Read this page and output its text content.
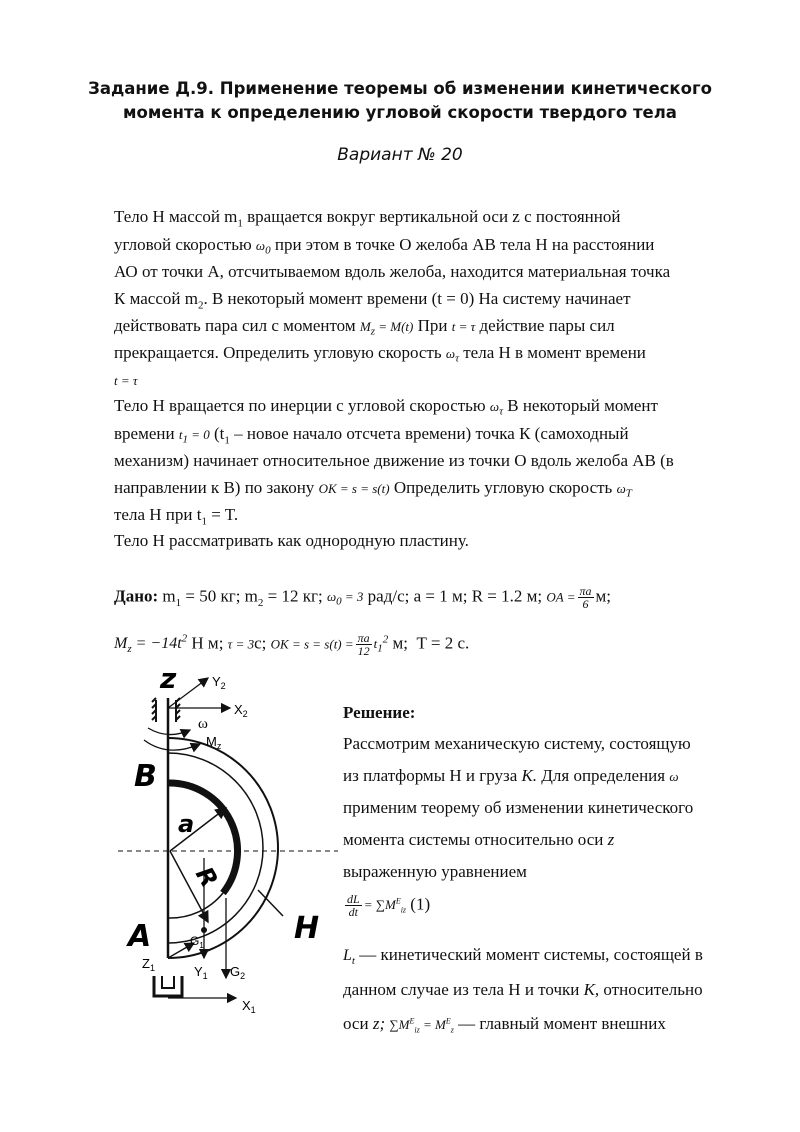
Задание Д.9. Применение теоремы об изменении кинетического
момента к определению угловой скорости твердого тела
Вариант № 20
Тело Н массой $m_1$ вращается вокруг вертикальной оси z с постоянной
угловой скоростью $\omega_0$ при этом в точке О желоба АВ тела Н на расстоянии
АО от точки А, отсчитываемом вдоль желоба, находится материальная точка
К массой $m_2$. В некоторый момент времени (t = 0) На систему начинает
действовать пара сил с моментом $M_z = M(t)$ При t = τ действие пары сил
прекращается. Определить угловую скорость $\omega_\tau$ тела Н в момент времени
t = τ
Тело Н вращается по инерции с угловой скоростью $\omega_\tau$ В некоторый момент
времени $t_1 = 0$ ($t_1$ – новое начало отсчета времени) точка К (самоходный
механизм) начинает относительное движение из точки О вдоль желоба АВ (в
направлении к В) по закону OK = s = s(t) Определить угловую скорость $\omega_T$
тела Н при $t_1 = T$.
Тело Н рассматривать как однородную пластину.
Дано: $m_1 = 50$ кг; $m_2 = 12$ кг; $\omega_0 = 3$ рад/с; a = 1 м; R = 1.2 м; OA = $\frac{\pi a}{6} м$;
$M_z = -14t^2$ Н м; τ = 3с; OK = $s = s(t) = \frac{\pi a}{12} t_1^2$ м; T = 2 с.
z	$Y_2$
$X_2$
ω
$M_z$
B
a
R
H
A	$G_1$
$Z_1$	$Y_1$ $G_2$
$X_1$
Решение:
Рассмотрим механическую систему, состоящую
из платформы Н и груза К. Для определения ω
применим теорему об изменении кинетического
момента системы относительно оси z
выраженную уравнением
$\frac{dL}{dt} = \sum M^E_{iz}$ (1)
$L_t$ — кинетический момент системы, состоящей в
данном случае из тела Н и точки К, относительно
оси z; $\sum M^E_{iz} = M^E_z$ — главный момент внешних
